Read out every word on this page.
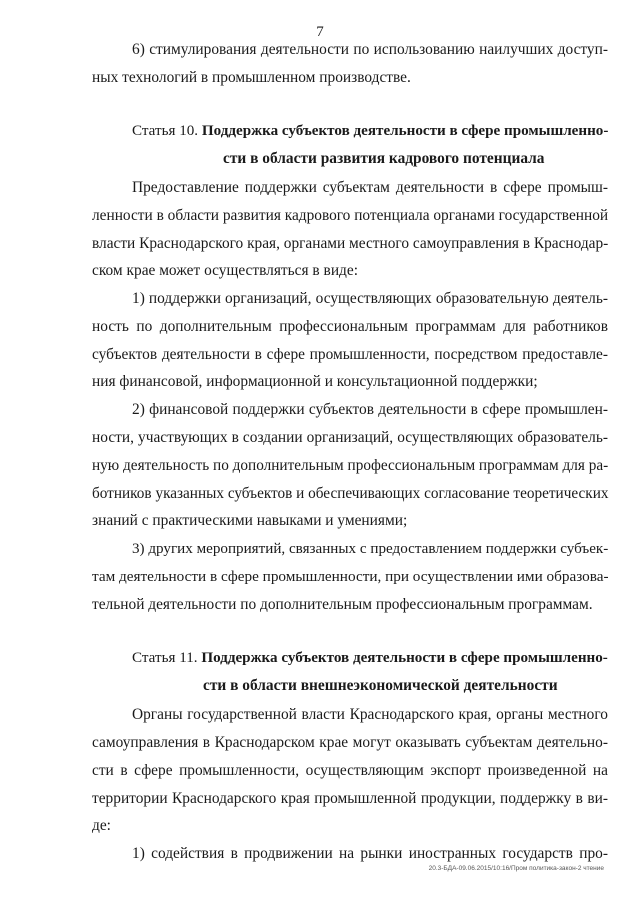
7
6) стимулирования деятельности по использованию наилучших доступ-
ных технологий в промышленном производстве.
Статья 10. Поддержка субъектов деятельности в сфере промышленно-
сти в области развития кадрового потенциала
Предоставление поддержки субъектам деятельности в сфере промыш-
ленности в области развития кадрового потенциала органами государственной
власти Краснодарского края, органами местного самоуправления в Краснодар-
ском крае может осуществляться в виде:
1) поддержки организаций, осуществляющих образовательную деятель-
ность по дополнительным профессиональным программам для работников
субъектов деятельности в сфере промышленности, посредством предоставле-
ния финансовой, информационной и консультационной поддержки;
2) финансовой поддержки субъектов деятельности в сфере промышлен-
ности, участвующих в создании организаций, осуществляющих образователь-
ную деятельность по дополнительным профессиональным программам для ра-
ботников указанных субъектов и обеспечивающих согласование теоретических
знаний с практическими навыками и умениями;
3) других мероприятий, связанных с предоставлением поддержки субъек-
там деятельности в сфере промышленности, при осуществлении ими образова-
тельной деятельности по дополнительным профессиональным программам.
Статья 11. Поддержка субъектов деятельности в сфере промышленно-
сти в области внешнеэкономической деятельности
Органы государственной власти Краснодарского края, органы местного
самоуправления в Краснодарском крае могут оказывать субъектам деятельно-
сти в сфере промышленности, осуществляющим экспорт произведенной на
территории Краснодарского края промышленной продукции, поддержку в ви-
де:
1) содействия в продвижении на рынки иностранных государств про-
20.3-БДА-09.06.2015/10:16/Пром политика-закон-2 чтение
